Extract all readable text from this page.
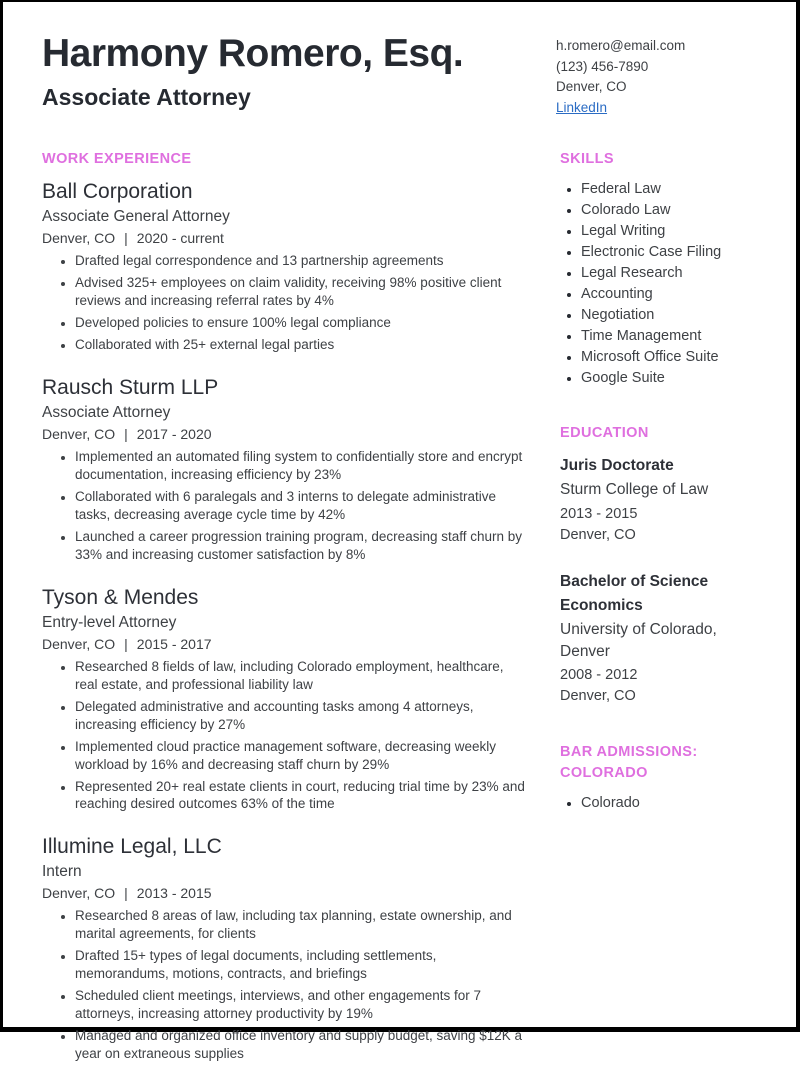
Harmony Romero, Esq.
Associate Attorney
h.romero@email.com
(123) 456-7890
Denver, CO
LinkedIn
WORK EXPERIENCE
Ball Corporation
Associate General Attorney
Denver, CO | 2020 - current
• Drafted legal correspondence and 13 partnership agreements
• Advised 325+ employees on claim validity, receiving 98% positive client reviews and increasing referral rates by 4%
• Developed policies to ensure 100% legal compliance
• Collaborated with 25+ external legal parties
Rausch Sturm LLP
Associate Attorney
Denver, CO | 2017 - 2020
• Implemented an automated filing system to confidentially store and encrypt documentation, increasing efficiency by 23%
• Collaborated with 6 paralegals and 3 interns to delegate administrative tasks, decreasing average cycle time by 42%
• Launched a career progression training program, decreasing staff churn by 33% and increasing customer satisfaction by 8%
Tyson & Mendes
Entry-level Attorney
Denver, CO | 2015 - 2017
• Researched 8 fields of law, including Colorado employment, healthcare, real estate, and professional liability law
• Delegated administrative and accounting tasks among 4 attorneys, increasing efficiency by 27%
• Implemented cloud practice management software, decreasing weekly workload by 16% and decreasing staff churn by 29%
• Represented 20+ real estate clients in court, reducing trial time by 23% and reaching desired outcomes 63% of the time
Illumine Legal, LLC
Intern
Denver, CO | 2013 - 2015
• Researched 8 areas of law, including tax planning, estate ownership, and marital agreements, for clients
• Drafted 15+ types of legal documents, including settlements, memorandums, motions, contracts, and briefings
• Scheduled client meetings, interviews, and other engagements for 7 attorneys, increasing attorney productivity by 19%
• Managed and organized office inventory and supply budget, saving $12K a year on extraneous supplies
SKILLS
• Federal Law
• Colorado Law
• Legal Writing
• Electronic Case Filing
• Legal Research
• Accounting
• Negotiation
• Time Management
• Microsoft Office Suite
• Google Suite
EDUCATION
Juris Doctorate
Sturm College of Law
2013 - 2015
Denver, CO
Bachelor of Science Economics
University of Colorado, Denver
2008 - 2012
Denver, CO
BAR ADMISSIONS: COLORADO
• Colorado
